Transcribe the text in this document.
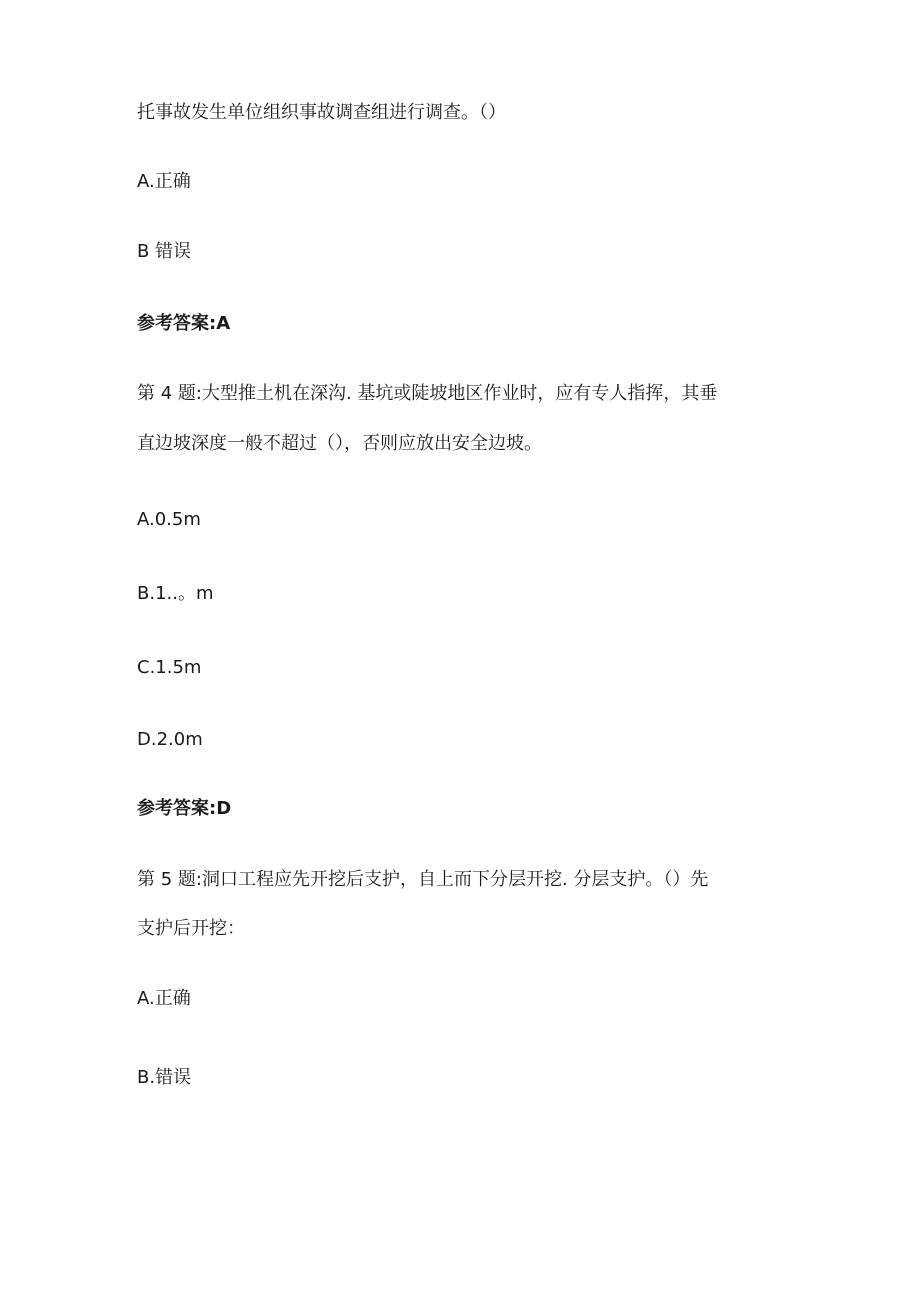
托事故发生单位组织事故调查组进行调查。（）
A.正确
B 错误
参考答案:A
第 4 题:大型推土机在深沟. 基坑或陡坡地区作业时，应有专人指挥，其垂
直边坡深度一般不超过（），否则应放出安全边坡。
A.0.5m
B.1..。m
C.1.5m
D.2.0m
参考答案:D
第 5 题:洞口工程应先开挖后支护，自上而下分层开挖. 分层支护。（）先
支护后开挖：
A.正确
B.错误
